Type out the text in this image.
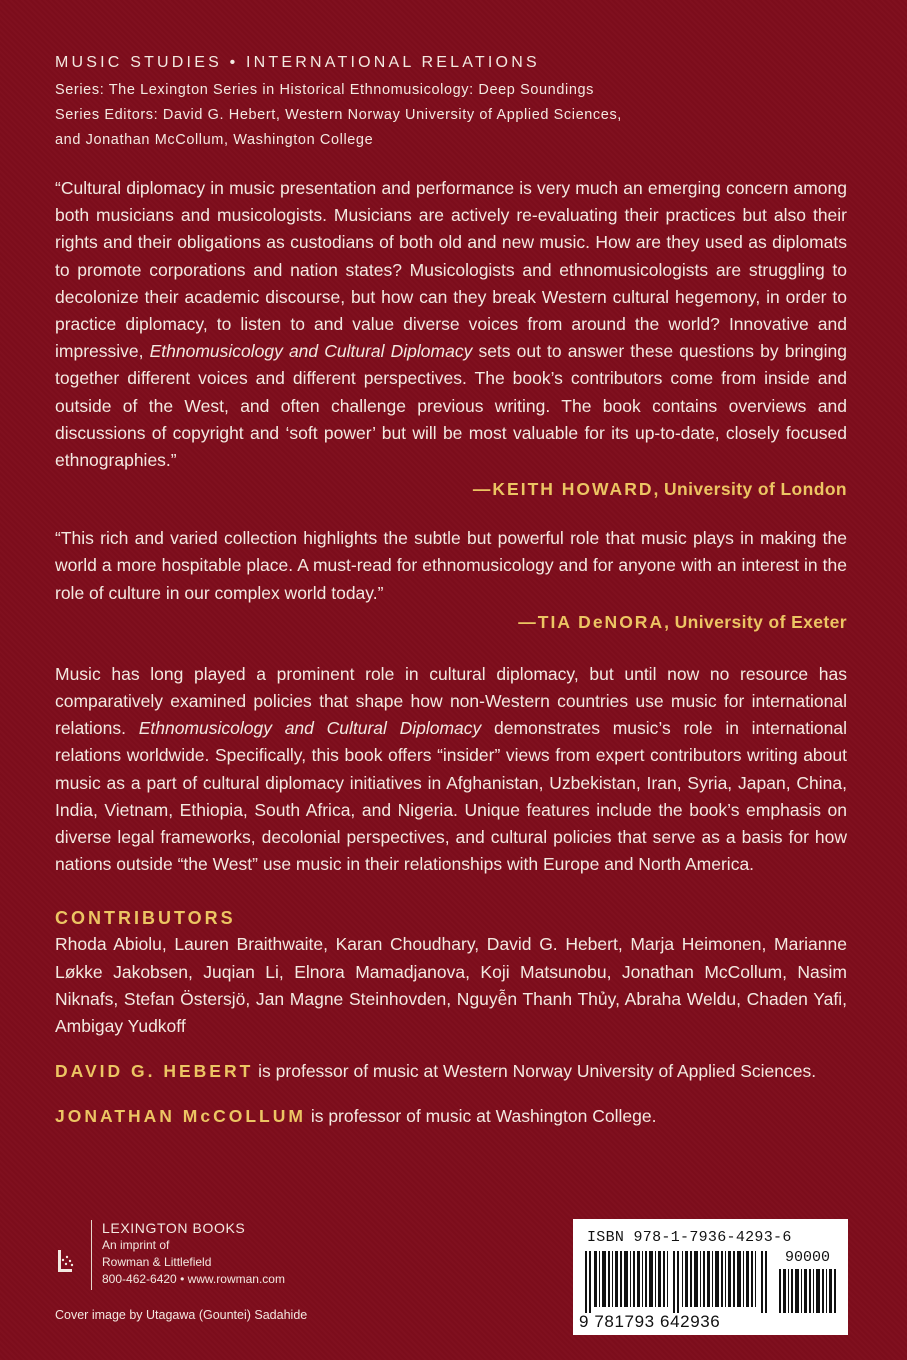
MUSIC STUDIES • INTERNATIONAL RELATIONS

Series: The Lexington Series in Historical Ethnomusicology: Deep Soundings

Series Editors: David G. Hebert, Western Norway University of Applied Sciences,

and Jonathan McCollum, Washington College

“Cultural diplomacy in music presentation and performance is very much an emerging concern among both musicians and musicologists. Musicians are actively re-evaluating their practices but also their rights and their obligations as custodians of both old and new music. How are they used as diplomats to promote corporations and nation states? Musicologists and ethnomusicologists are struggling to decolonize their academic discourse, but how can they break Western cultural hegemony, in order to practice diplomacy, to listen to and value diverse voices from around the world? Innovative and impressive, Ethnomusicology and Cultural Diplomacy sets out to answer these questions by bringing together different voices and different perspectives. The book’s contributors come from inside and outside of the West, and often challenge previous writing. The book contains overviews and discussions of copyright and ‘soft power’ but will be most valuable for its up-to-date, closely focused ethnographies.”

—KEITH HOWARD, University of London

“This rich and varied collection highlights the subtle but powerful role that music plays in making the world a more hospitable place. A must-read for ethnomusicology and for anyone with an interest in the role of culture in our complex world today.”

—TIA DeNORA, University of Exeter

Music has long played a prominent role in cultural diplomacy, but until now no resource has comparatively examined policies that shape how non-Western countries use music for international relations. Ethnomusicology and Cultural Diplomacy demonstrates music’s role in international relations worldwide. Specifically, this book offers “insider” views from expert contributors writing about music as a part of cultural diplomacy initiatives in Afghanistan, Uzbekistan, Iran, Syria, Japan, China, India, Vietnam, Ethiopia, South Africa, and Nigeria. Unique features include the book’s emphasis on diverse legal frameworks, decolonial perspectives, and cultural policies that serve as a basis for how nations outside “the West” use music in their relationships with Europe and North America.

CONTRIBUTORS

Rhoda Abiolu, Lauren Braithwaite, Karan Choudhary, David G. Hebert, Marja Heimonen, Marianne Løkke Jakobsen, Juqian Li, Elnora Mamadjanova, Koji Matsunobu, Jonathan McCollum, Nasim Niknafs, Stefan Östersjö, Jan Magne Steinhovden, Nguyễn Thanh Thủy, Abraha Weldu, Chaden Yafi, Ambigay Yudkoff

DAVID G. HEBERT is professor of music at Western Norway University of Applied Sciences.

JONATHAN McCOLLUM is professor of music at Washington College.

LEXINGTON BOOKS
An imprint of
Rowman & Littlefield
800-462-6420 • www.rowman.com
Cover image by Utagawa (Gountei) Sadahide
ISBN 978-1-7936-4293-6
90000
9 781793 642936
